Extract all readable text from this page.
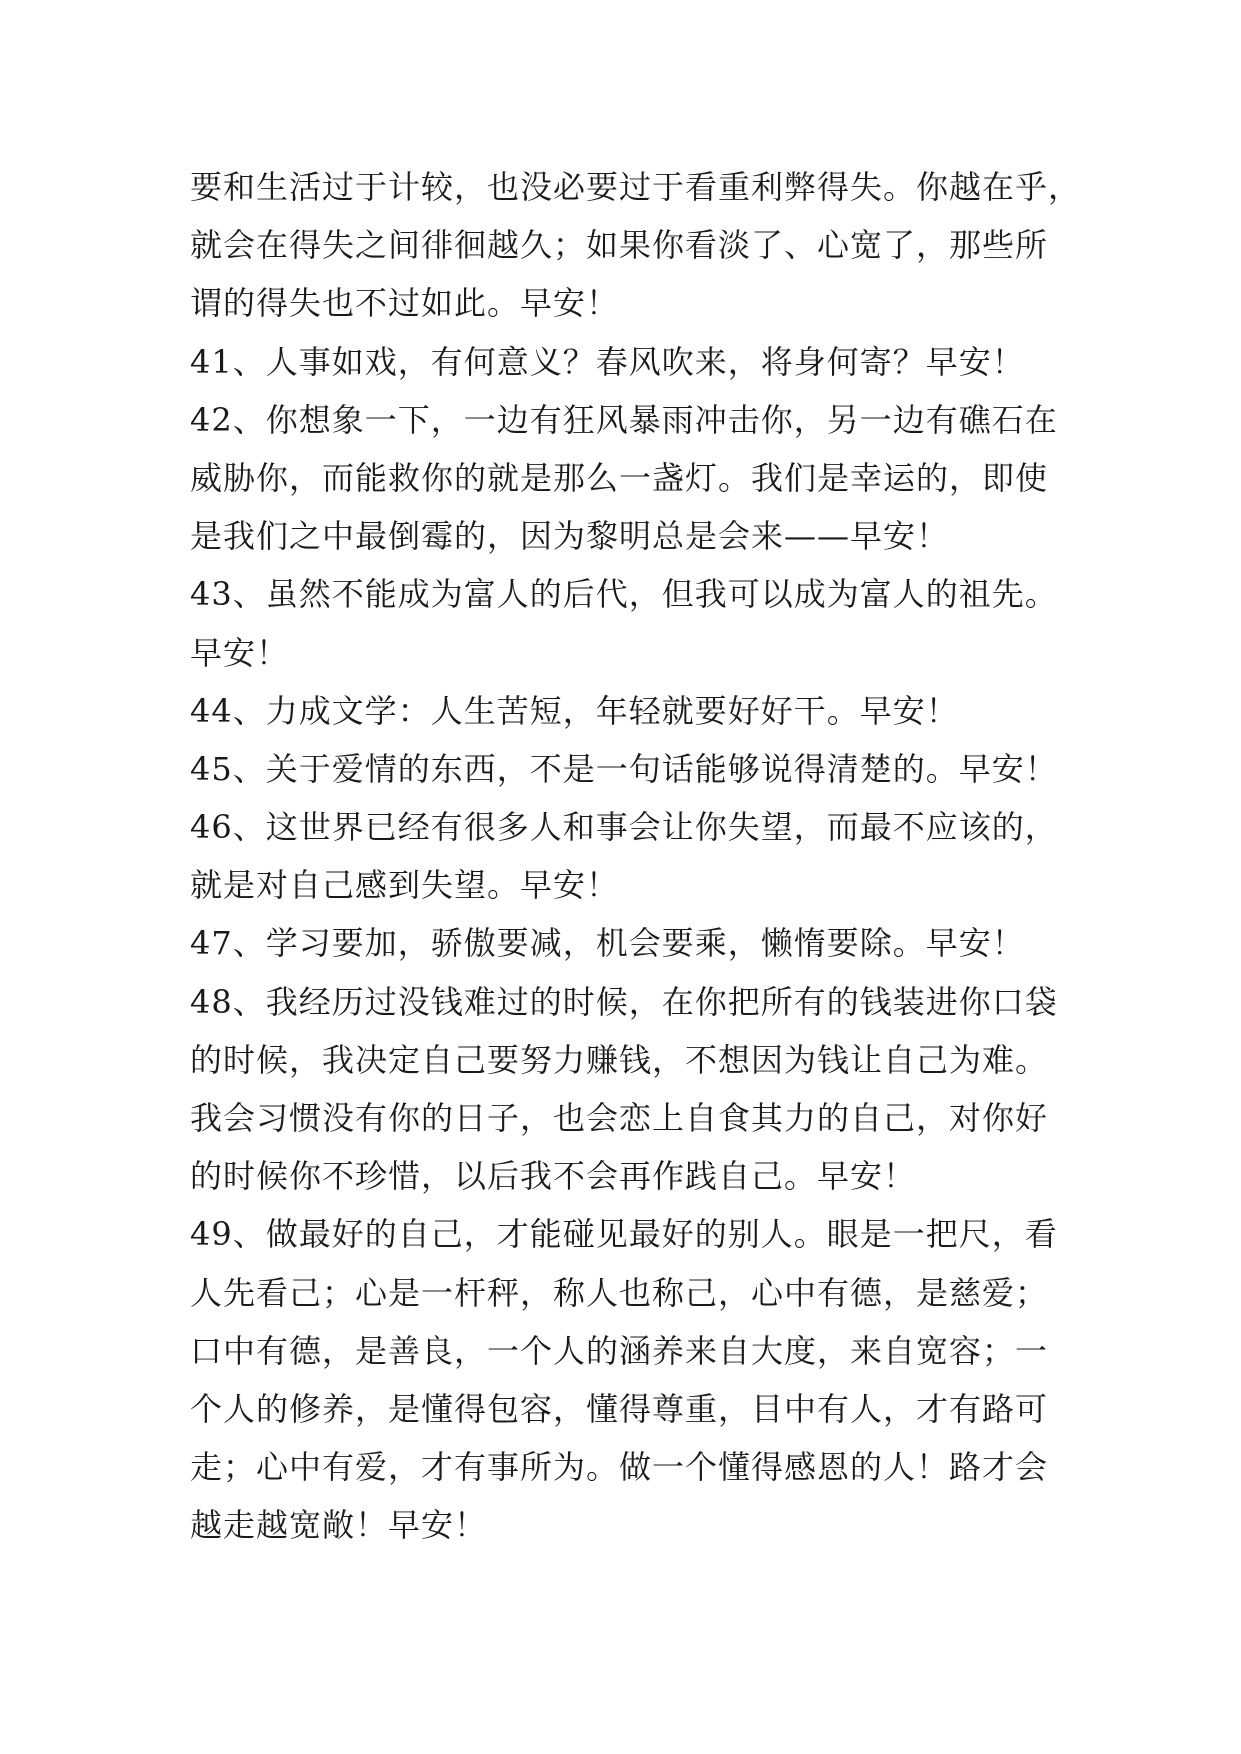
要和生活过于计较，也没必要过于看重利弊得失。你越在乎，
就会在得失之间徘徊越久；如果你看淡了、心宽了，那些所
谓的得失也不过如此。早安！
41、人事如戏，有何意义？春风吹来，将身何寄？早安！
42、你想象一下，一边有狂风暴雨冲击你，另一边有礁石在
威胁你，而能救你的就是那么一盏灯。我们是幸运的，即使
是我们之中最倒霉的，因为黎明总是会来——早安！
43、虽然不能成为富人的后代，但我可以成为富人的祖先。
早安！
44、力成文学：人生苦短，年轻就要好好干。早安！
45、关于爱情的东西，不是一句话能够说得清楚的。早安！
46、这世界已经有很多人和事会让你失望，而最不应该的，
就是对自己感到失望。早安！
47、学习要加，骄傲要减，机会要乘，懒惰要除。早安！
48、我经历过没钱难过的时候，在你把所有的钱装进你口袋
的时候，我决定自己要努力赚钱，不想因为钱让自己为难。
我会习惯没有你的日子，也会恋上自食其力的自己，对你好
的时候你不珍惜，以后我不会再作践自己。早安！
49、做最好的自己，才能碰见最好的别人。眼是一把尺，看
人先看己；心是一杆秤，称人也称己，心中有德，是慈爱；
口中有德，是善良，一个人的涵养来自大度，来自宽容；一
个人的修养，是懂得包容，懂得尊重，目中有人，才有路可
走；心中有爱，才有事所为。做一个懂得感恩的人！路才会
越走越宽敞！早安！
